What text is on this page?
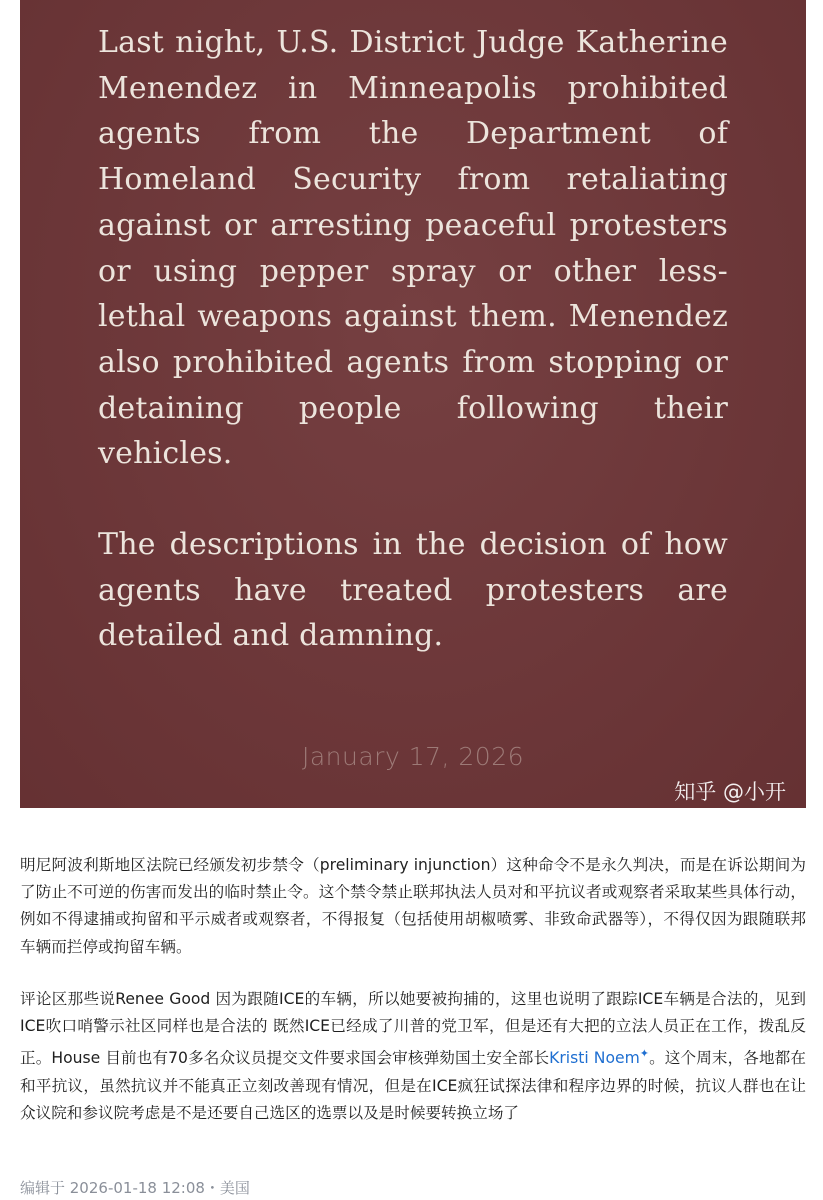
Last night, U.S. District Judge Katherine Menendez in Minneapolis prohibited agents from the Department of Homeland Security from retaliating against or arresting peaceful protesters or using pepper spray or other less-lethal weapons against them. Menendez also prohibited agents from stopping or detaining people following their vehicles.

The descriptions in the decision of how agents have treated protesters are detailed and damning.

January 17, 2026
知乎 @小开

明尼阿波利斯地区法院已经颁发初步禁令（preliminary injunction）这种命令不是永久判决，而是在诉讼期间为了防止不可逆的伤害而发出的临时禁止令。这个禁令禁止联邦执法人员对和平抗议者或观察者采取某些具体行动，例如不得逮捕或拘留和平示威者或观察者，不得报复（包括使用胡椒喷雾、非致命武器等），不得仅因为跟随联邦车辆而拦停或拘留车辆。

评论区那些说Renee Good 因为跟随ICE的车辆，所以她要被拘捕的，这里也说明了跟踪ICE车辆是合法的，见到ICE吹口哨警示社区同样也是合法的 既然ICE已经成了川普的党卫军，但是还有大把的立法人员正在工作，拨乱反正。House 目前也有70多名众议员提交文件要求国会审核弹劾国土安全部长Kristi Noem✦。这个周末，各地都在和平抗议，虽然抗议并不能真正立刻改善现有情况，但是在ICE疯狂试探法律和程序边界的时候，抗议人群也在让众议院和参议院考虑是不是还要自己选区的选票以及是时候要转换立场了

编辑于 2026-01-18 12:08・美国
